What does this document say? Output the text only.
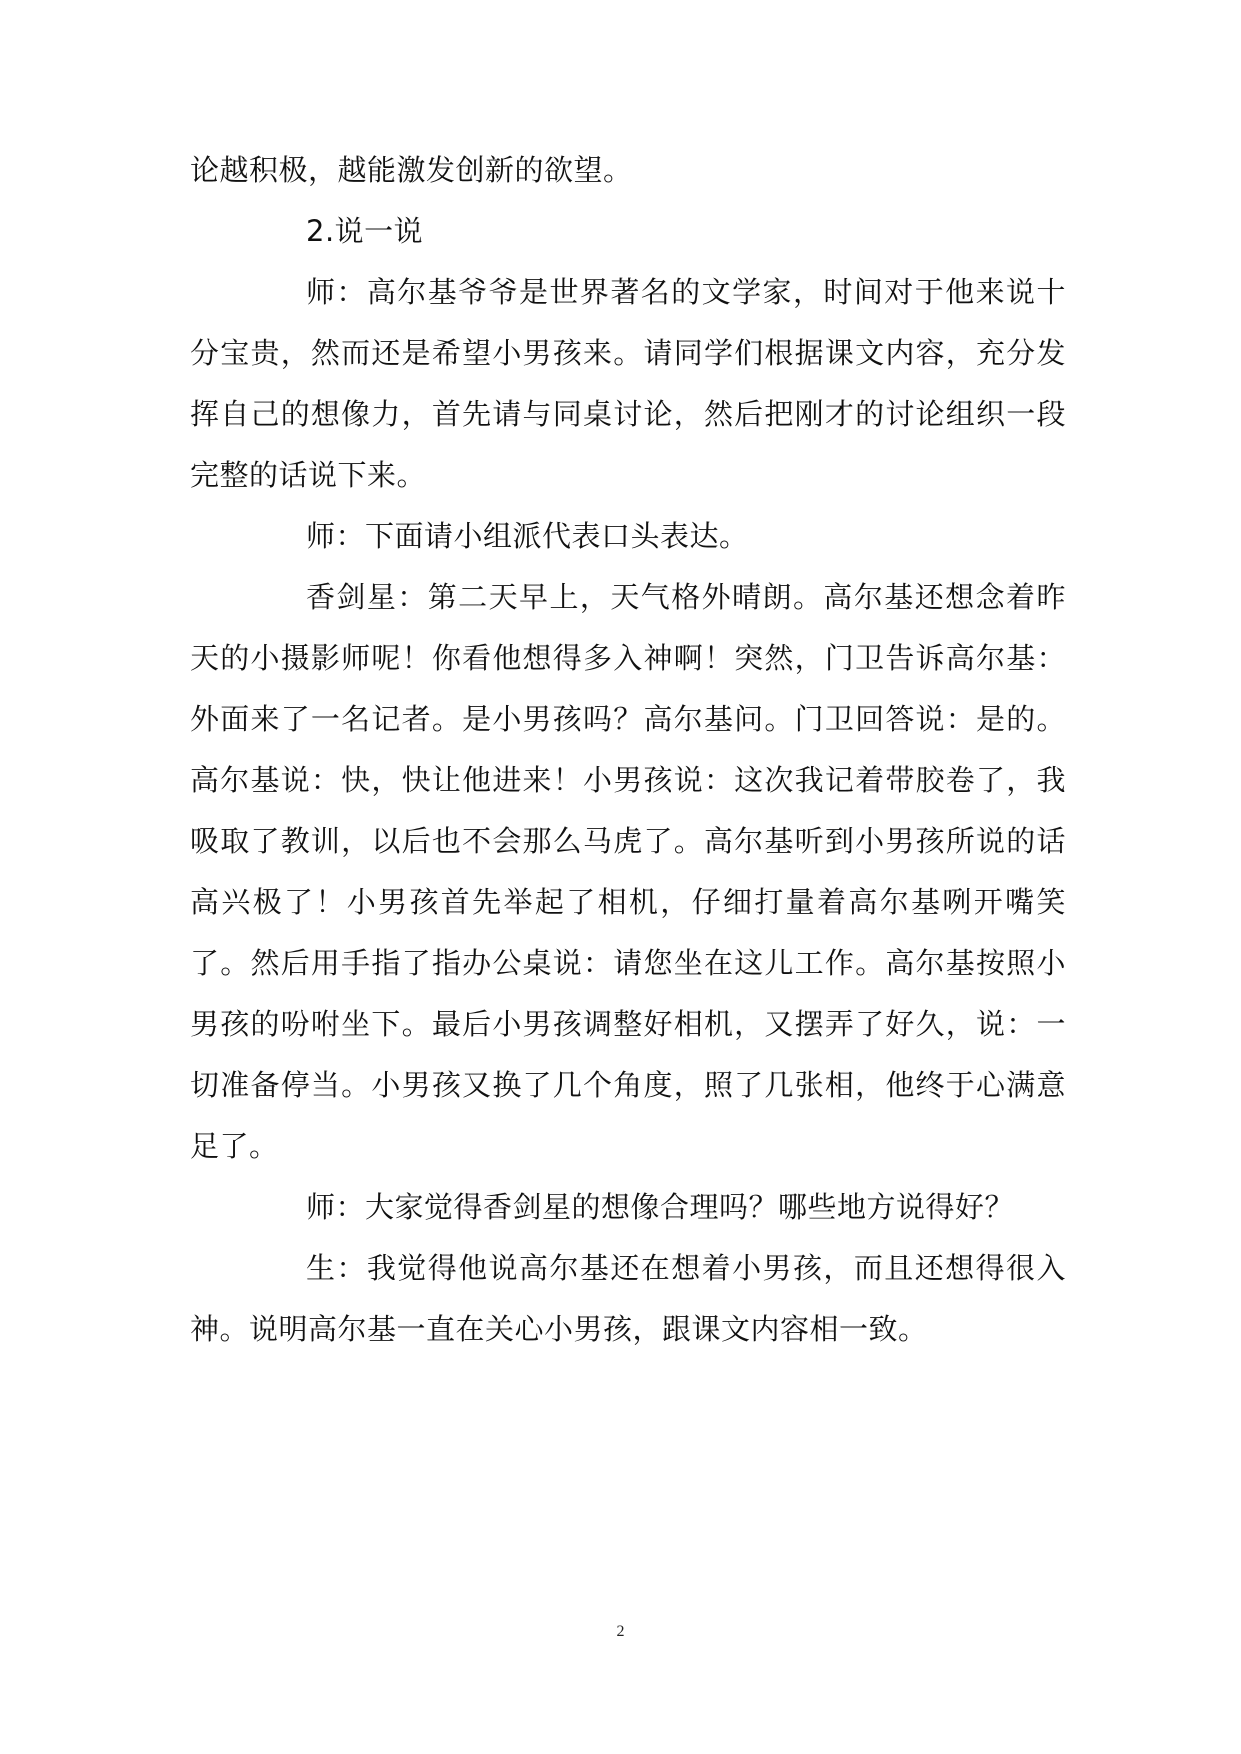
论越积极，越能激发创新的欲望。

2.说一说

师：高尔基爷爷是世界著名的文学家，时间对于他来说十分宝贵，然而还是希望小男孩来。请同学们根据课文内容，充分发挥自己的想像力，首先请与同桌讨论，然后把刚才的讨论组织一段完整的话说下来。

师：下面请小组派代表口头表达。

香剑星：第二天早上，天气格外晴朗。高尔基还想念着昨天的小摄影师呢！你看他想得多入神啊！突然，门卫告诉高尔基：外面来了一名记者。是小男孩吗？高尔基问。门卫回答说：是的。高尔基说：快，快让他进来！小男孩说：这次我记着带胶卷了，我吸取了教训，以后也不会那么马虎了。高尔基听到小男孩所说的话高兴极了！小男孩首先举起了相机，仔细打量着高尔基咧开嘴笑了。然后用手指了指办公桌说：请您坐在这儿工作。高尔基按照小男孩的吩咐坐下。最后小男孩调整好相机，又摆弄了好久，说：一切准备停当。小男孩又换了几个角度，照了几张相，他终于心满意足了。

师：大家觉得香剑星的想像合理吗？哪些地方说得好？

生：我觉得他说高尔基还在想着小男孩，而且还想得很入神。说明高尔基一直在关心小男孩，跟课文内容相一致。

2
